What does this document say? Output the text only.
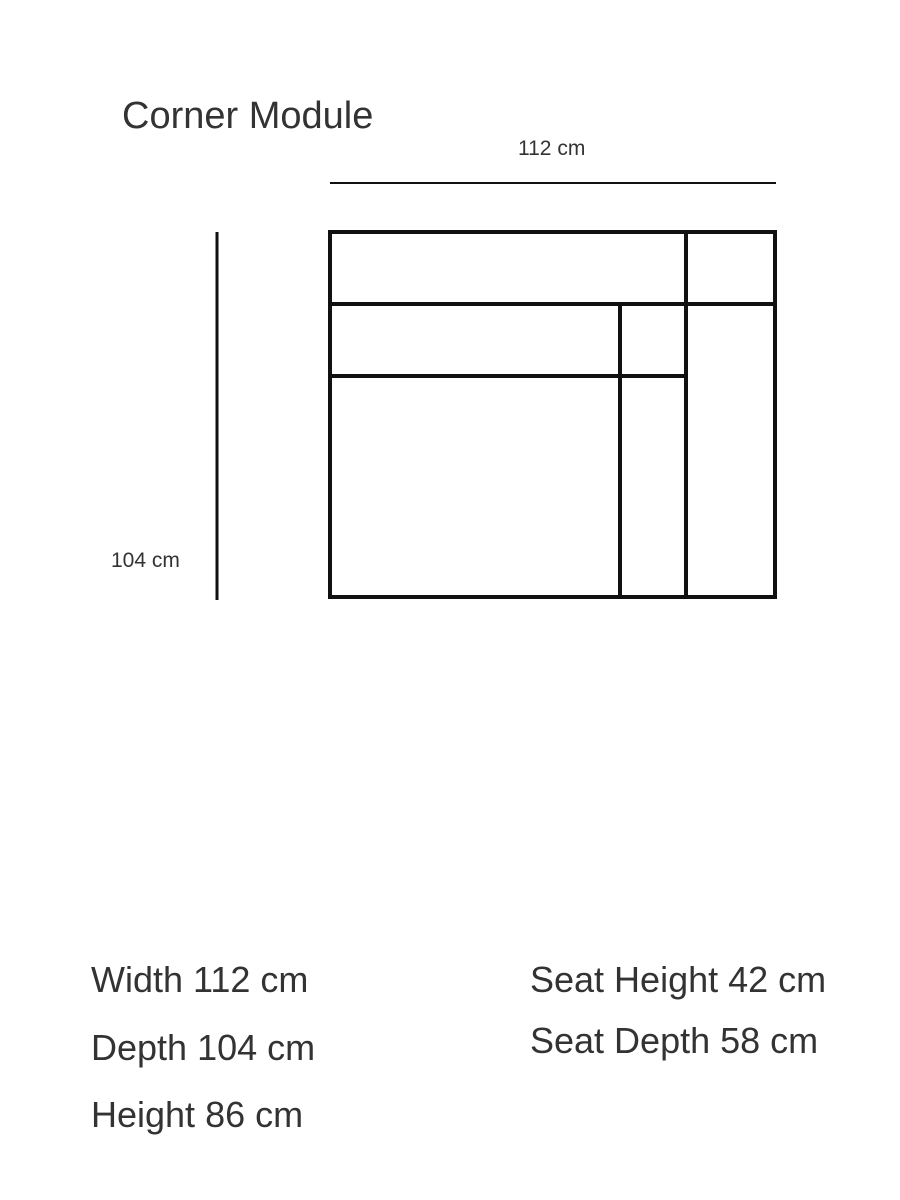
Corner Module
112 cm
104 cm
Width 112 cm
Depth 104 cm
Height 86 cm
Seat Height 42 cm
Seat Depth 58 cm
